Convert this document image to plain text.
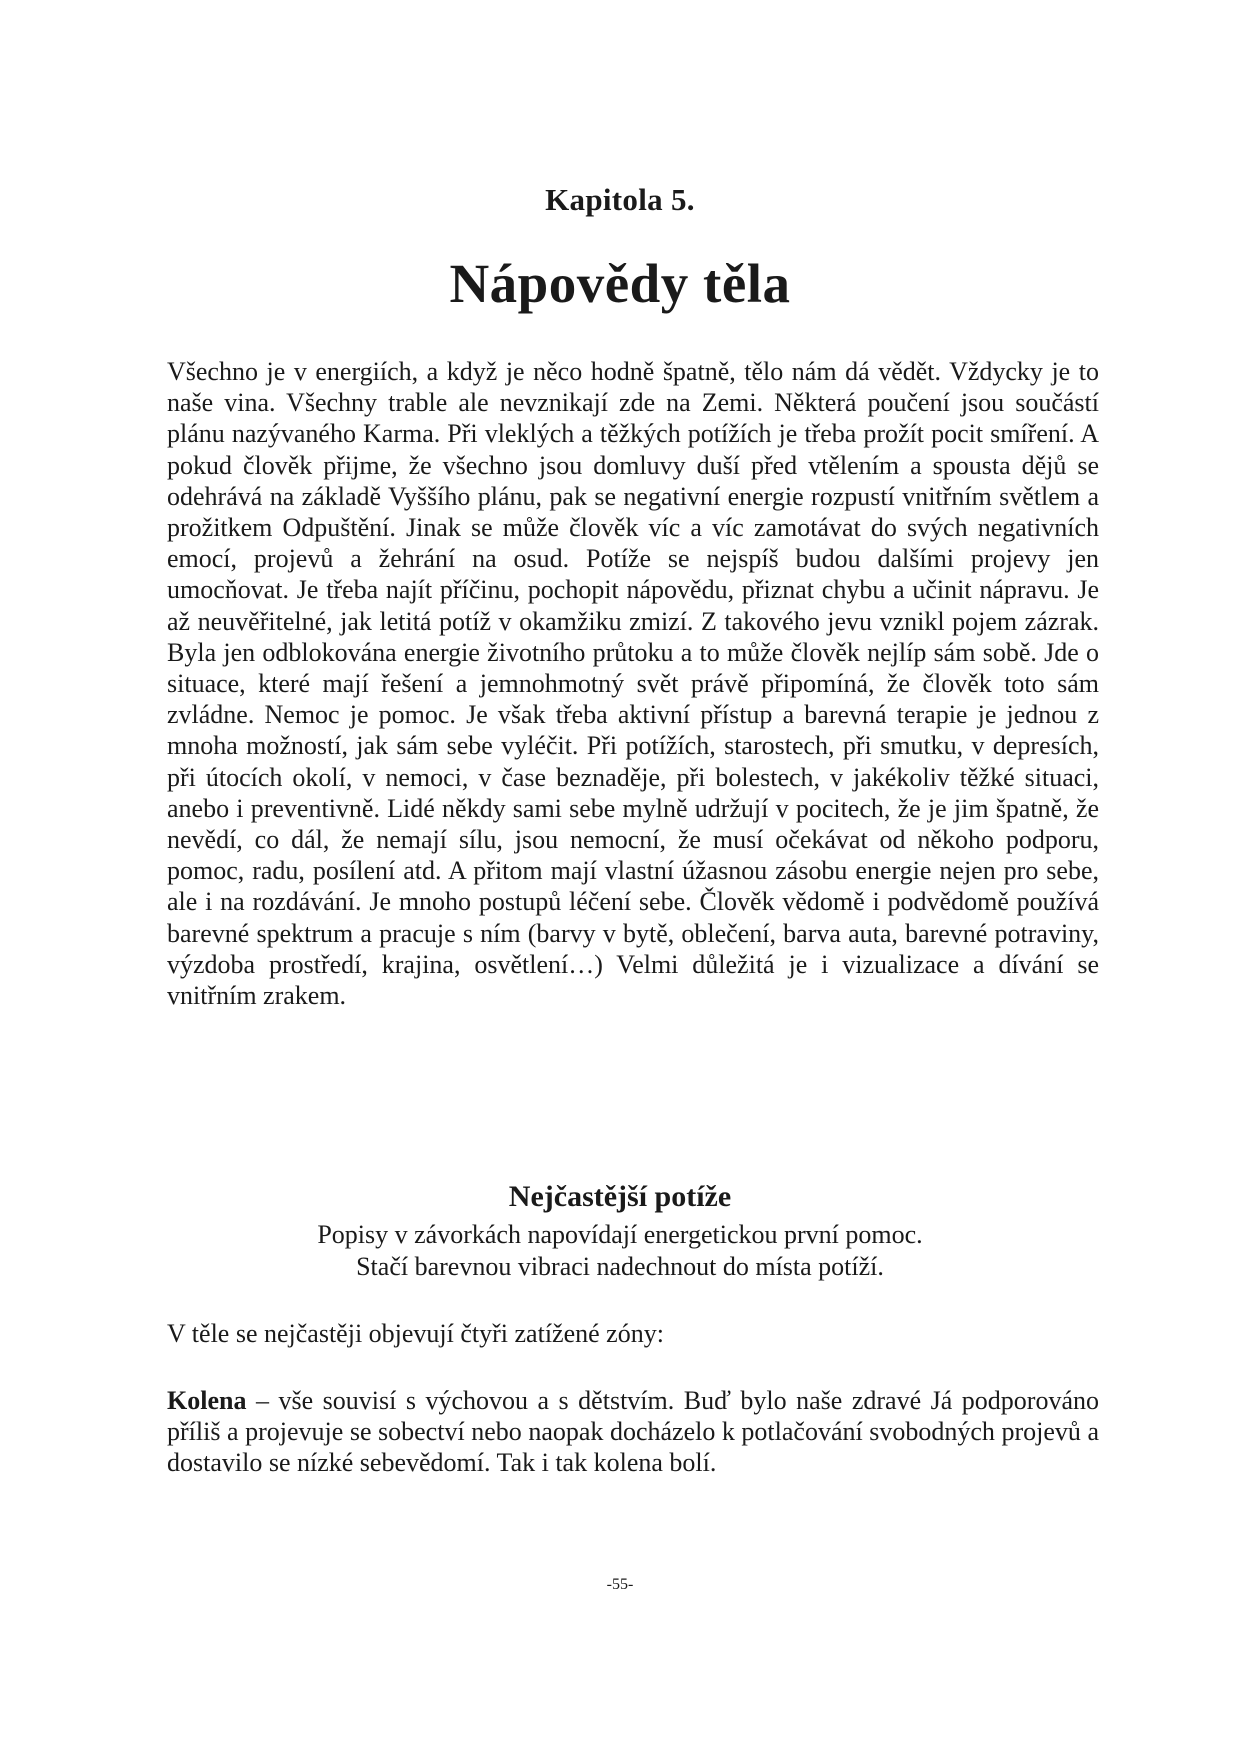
Kapitola 5.
Nápovědy těla

Všechno je v energiích, a když je něco hodně špatně, tělo nám dá vědět. Vždycky je to naše vina. Všechny trable ale nevznikají zde na Zemi. Některá poučení jsou součástí plánu nazývaného Karma. Při vleklých a těžkých potížích je třeba prožít pocit smíření. A pokud člověk přijme, že všechno jsou domluvy duší před vtělením a spousta dějů se odehrává na základě Vyššího plánu, pak se negativní energie rozpustí vnitřním světlem a prožitkem Odpuštění. Jinak se může člověk víc a víc zamotávat do svých negativních emocí, projevů a žehrání na osud. Potíže se nejspíš budou dalšími projevy jen umocňovat. Je třeba najít příčinu, pochopit nápovědu, přiznat chybu a učinit nápravu. Je až neuvěřitelné, jak letitá potíž v okamžiku zmizí. Z takového jevu vznikl pojem zázrak. Byla jen odblokována energie životního průtoku a to může člověk nejlíp sám sobě. Jde o situace, které mají řešení a jemnohmotný svět právě připomíná, že člověk toto sám zvládne. Nemoc je pomoc. Je však třeba aktivní přístup a barevná terapie je jednou z mnoha možností, jak sám sebe vyléčit. Při potížích, starostech, při smutku, v depresích, při útocích okolí, v nemoci, v čase beznaděje, při bolestech, v jakékoliv těžké situaci, anebo i preventivně. Lidé někdy sami sebe mylně udržují v pocitech, že je jim špatně, že nevědí, co dál, že nemají sílu, jsou nemocní, že musí očekávat od někoho podporu, pomoc, radu, posílení atd. A přitom mají vlastní úžasnou zásobu energie nejen pro sebe, ale i na rozdávání. Je mnoho postupů léčení sebe. Člověk vědomě i podvědomě používá barevné spektrum a pracuje s ním (barvy v bytě, oblečení, barva auta, barevné potraviny, výzdoba prostředí, krajina, osvětlení…) Velmi důležitá je i vizualizace a dívání se vnitřním zrakem.

Nejčastější potíže
Popisy v závorkách napovídají energetickou první pomoc.
Stačí barevnou vibraci nadechnout do místa potíží.

V těle se nejčastěji objevují čtyři zatížené zóny:

Kolena – vše souvisí s výchovou a s dětstvím. Buď bylo naše zdravé Já podporováno příliš a projevuje se sobectví nebo naopak docházelo k potlačování svobodných projevů a dostavilo se nízké sebevědomí. Tak i tak kolena bolí.

-55-
